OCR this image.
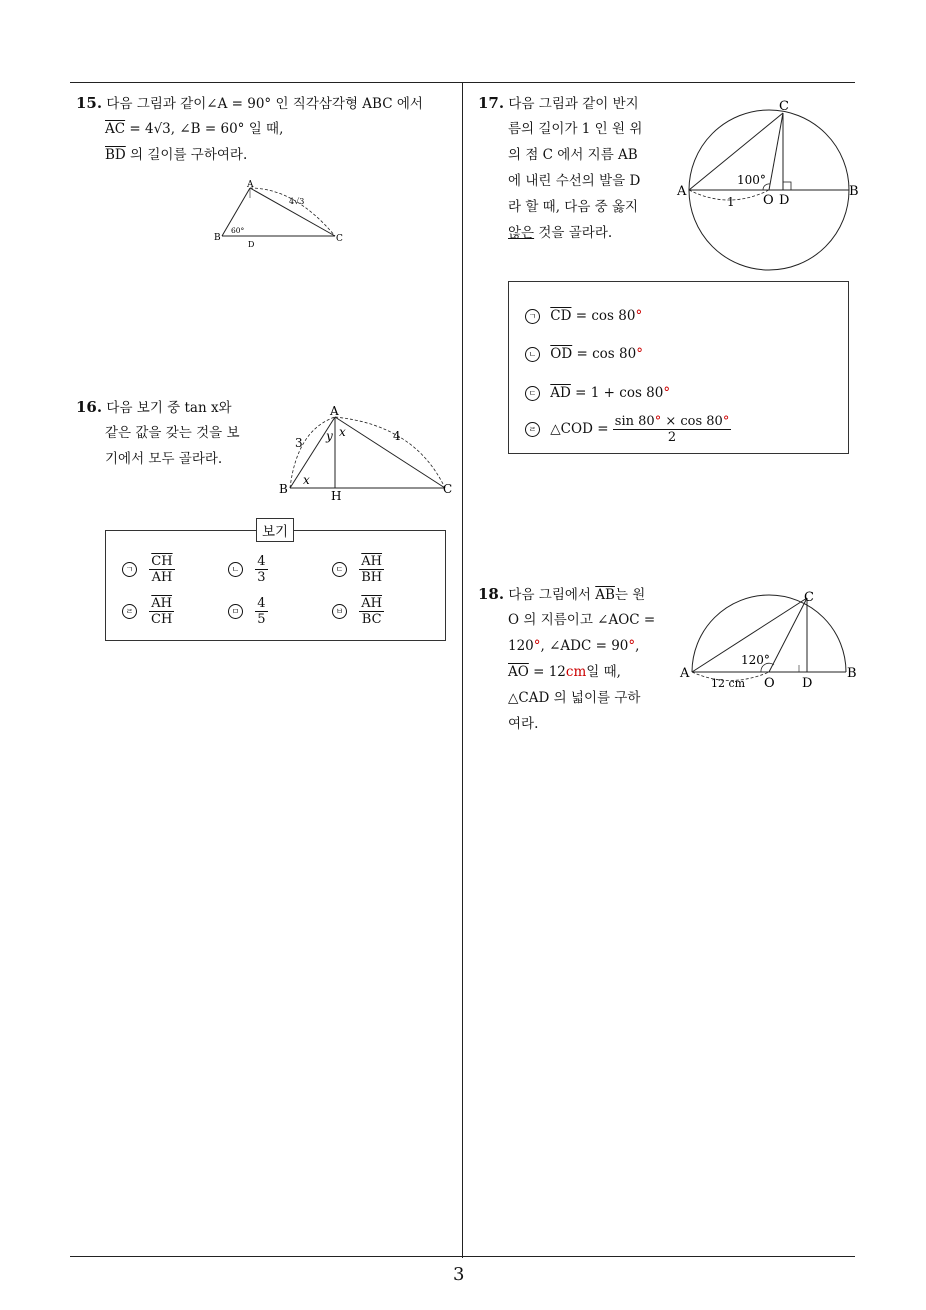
15. 다음 그림과 같이∠A = 90° 인 직각삼각형 ABC 에서
$\overline{AC} = 4√3$, ∠B = 60° 일 때,
$\overline{BD}$ 의 길이를 구하여라.
A
B	C
D
60°
4√3
16. 다음 보기 중 tan x와
같은 값을 갖는 것을 보
기에서 모두 골라라.
A
B	C
H
x
y x
3	4
보기
ㄱ $\frac{\overline{CH}}{AH}$	ㄴ $\frac{4}{3}$	ㄷ $\frac{\overline{AH}}{BH}$
ㄹ $\frac{\overline{AH}}{CH}$	ㅁ $\frac{4}{5}$	ㅂ $\frac{\overline{AH}}{BC}$
17. 다음 그림과 같이 반지
름의 길이가 1 인 원 위
의 점 C 에서 지름 AB
에 내린 수선의 발을 D
라 할 때, 다음 중 옳지
않은 것을 골라라.
A	B
C
O D
100°
1
ㄱ $\overline{CD} = \cos 80^\circ$
ㄴ $\overline{OD} = \cos 80^\circ$
ㄷ $\overline{AD} = 1 + \cos 80^\circ$
ㄹ △COD = $\frac{\sin 80^\circ \times \cos 80^\circ}{2}$
18. 다음 그림에서 $\overline{AB}$는 원
O 의 지름이고 ∠AOC =
120°, ∠ADC = 90°,
$\overline{AO} = 12cm$일 때,
△CAD 의 넓이를 구하
여라.
A	B
C
O D
120°
12 cm
3
